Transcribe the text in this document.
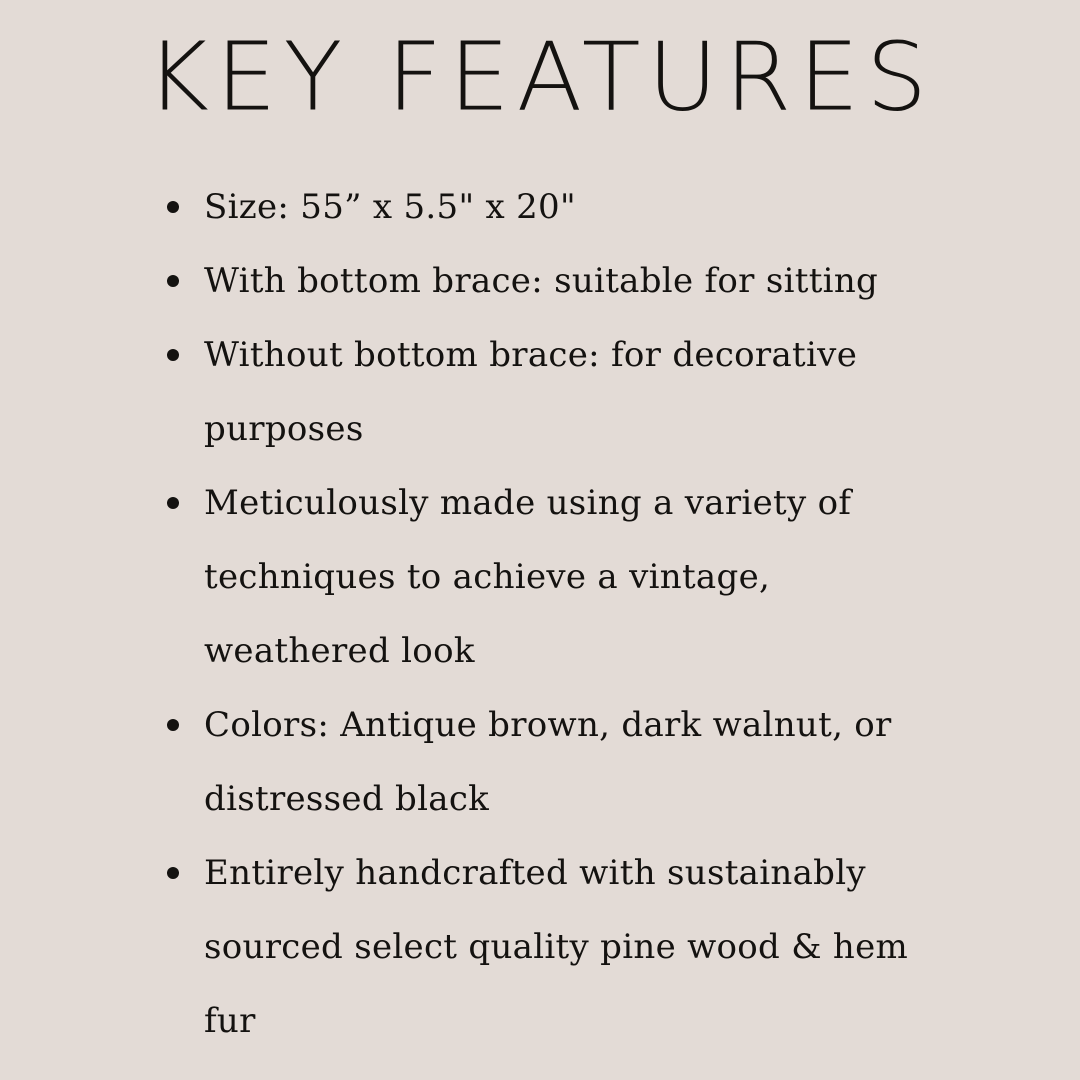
KEY FEATURES
Size: 55” x 5.5" x 20"
With bottom brace: suitable for sitting
Without bottom brace: for decorative purposes
Meticulously made using a variety of techniques to achieve a vintage, weathered look
Colors: Antique brown, dark walnut, or distressed black
Entirely handcrafted with sustainably sourced select quality pine wood & hem fur
